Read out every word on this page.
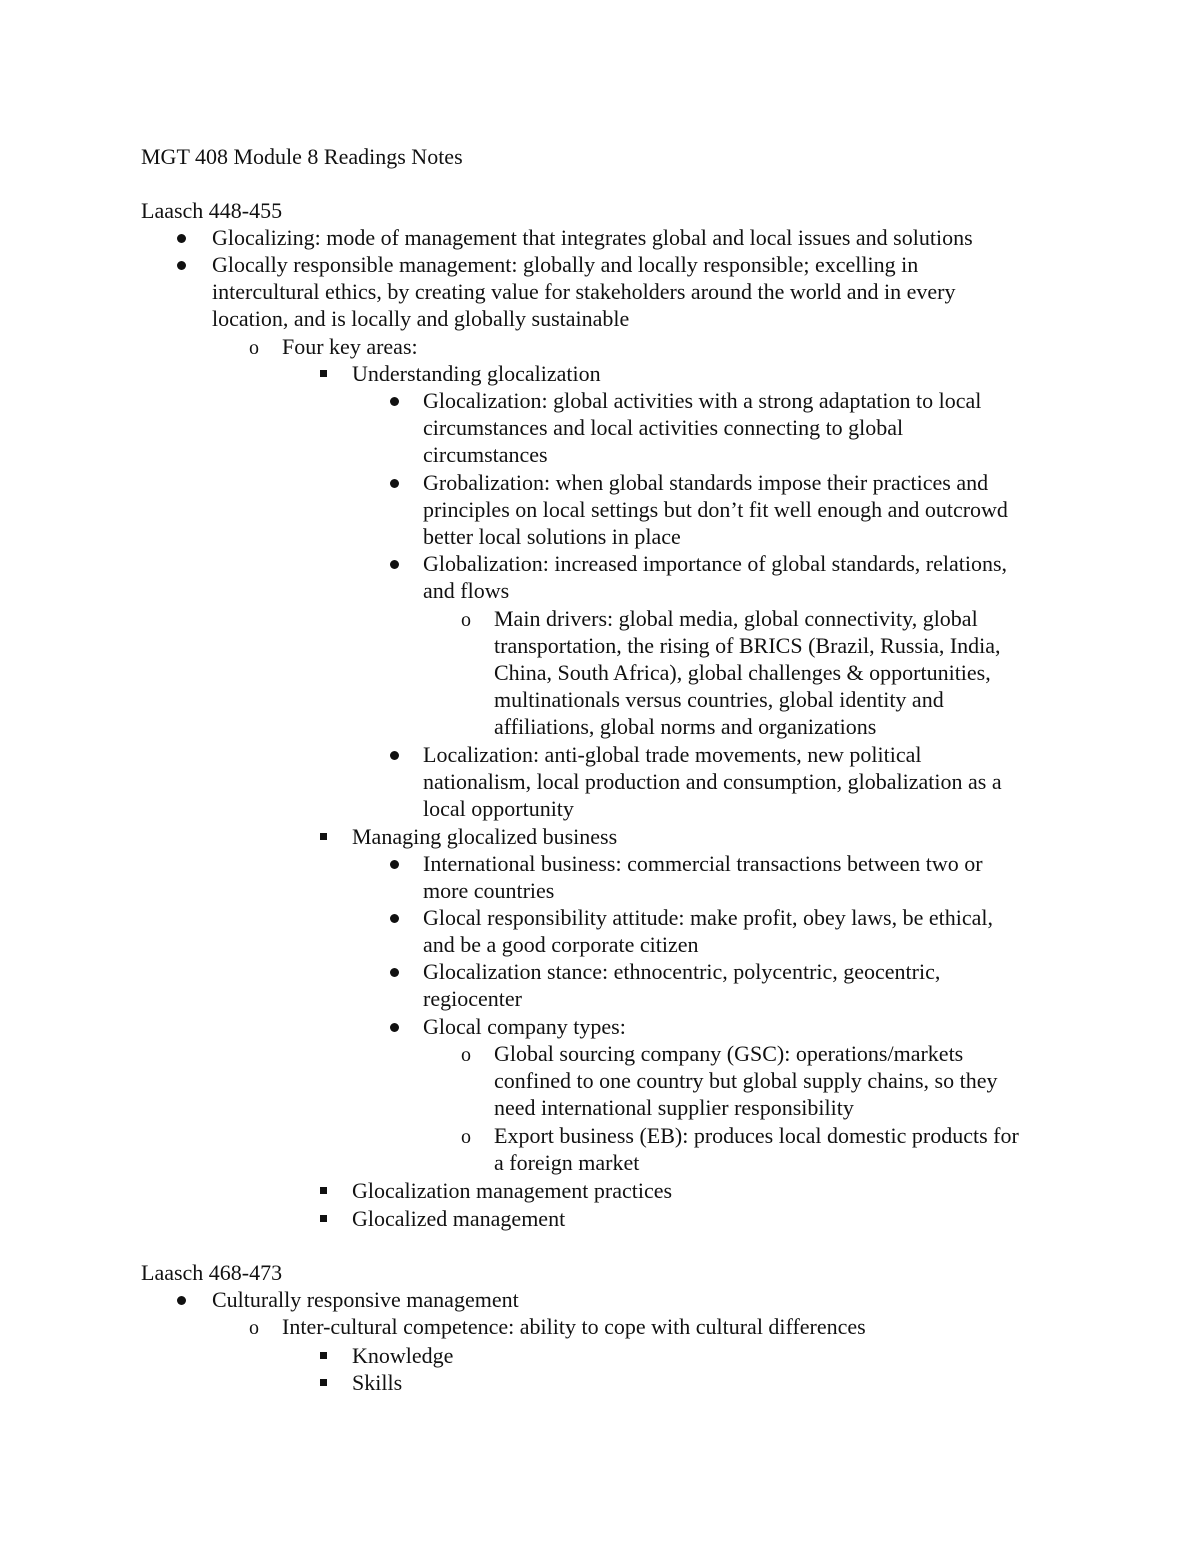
MGT 408 Module 8 Readings Notes
Laasch 448-455
Glocalizing: mode of management that integrates global and local issues and solutions
Glocally responsible management: globally and locally responsible; excelling in
intercultural ethics, by creating value for stakeholders around the world and in every
location, and is locally and globally sustainable
o Four key areas:
Understanding glocalization
Glocalization: global activities with a strong adaptation to local
circumstances and local activities connecting to global
circumstances
Grobalization: when global standards impose their practices and
principles on local settings but don’t fit well enough and outcrowd
better local solutions in place
Globalization: increased importance of global standards, relations,
and flows
o Main drivers: global media, global connectivity, global
transportation, the rising of BRICS (Brazil, Russia, India,
China, South Africa), global challenges & opportunities,
multinationals versus countries, global identity and
affiliations, global norms and organizations
Localization: anti-global trade movements, new political
nationalism, local production and consumption, globalization as a
local opportunity
Managing glocalized business
International business: commercial transactions between two or
more countries
Glocal responsibility attitude: make profit, obey laws, be ethical,
and be a good corporate citizen
Glocalization stance: ethnocentric, polycentric, geocentric,
regiocenter
Glocal company types:
o Global sourcing company (GSC): operations/markets
confined to one country but global supply chains, so they
need international supplier responsibility
o Export business (EB): produces local domestic products for
a foreign market
Glocalization management practices
Glocalized management
Laasch 468-473
Culturally responsive management
o Inter-cultural competence: ability to cope with cultural differences
Knowledge
Skills
